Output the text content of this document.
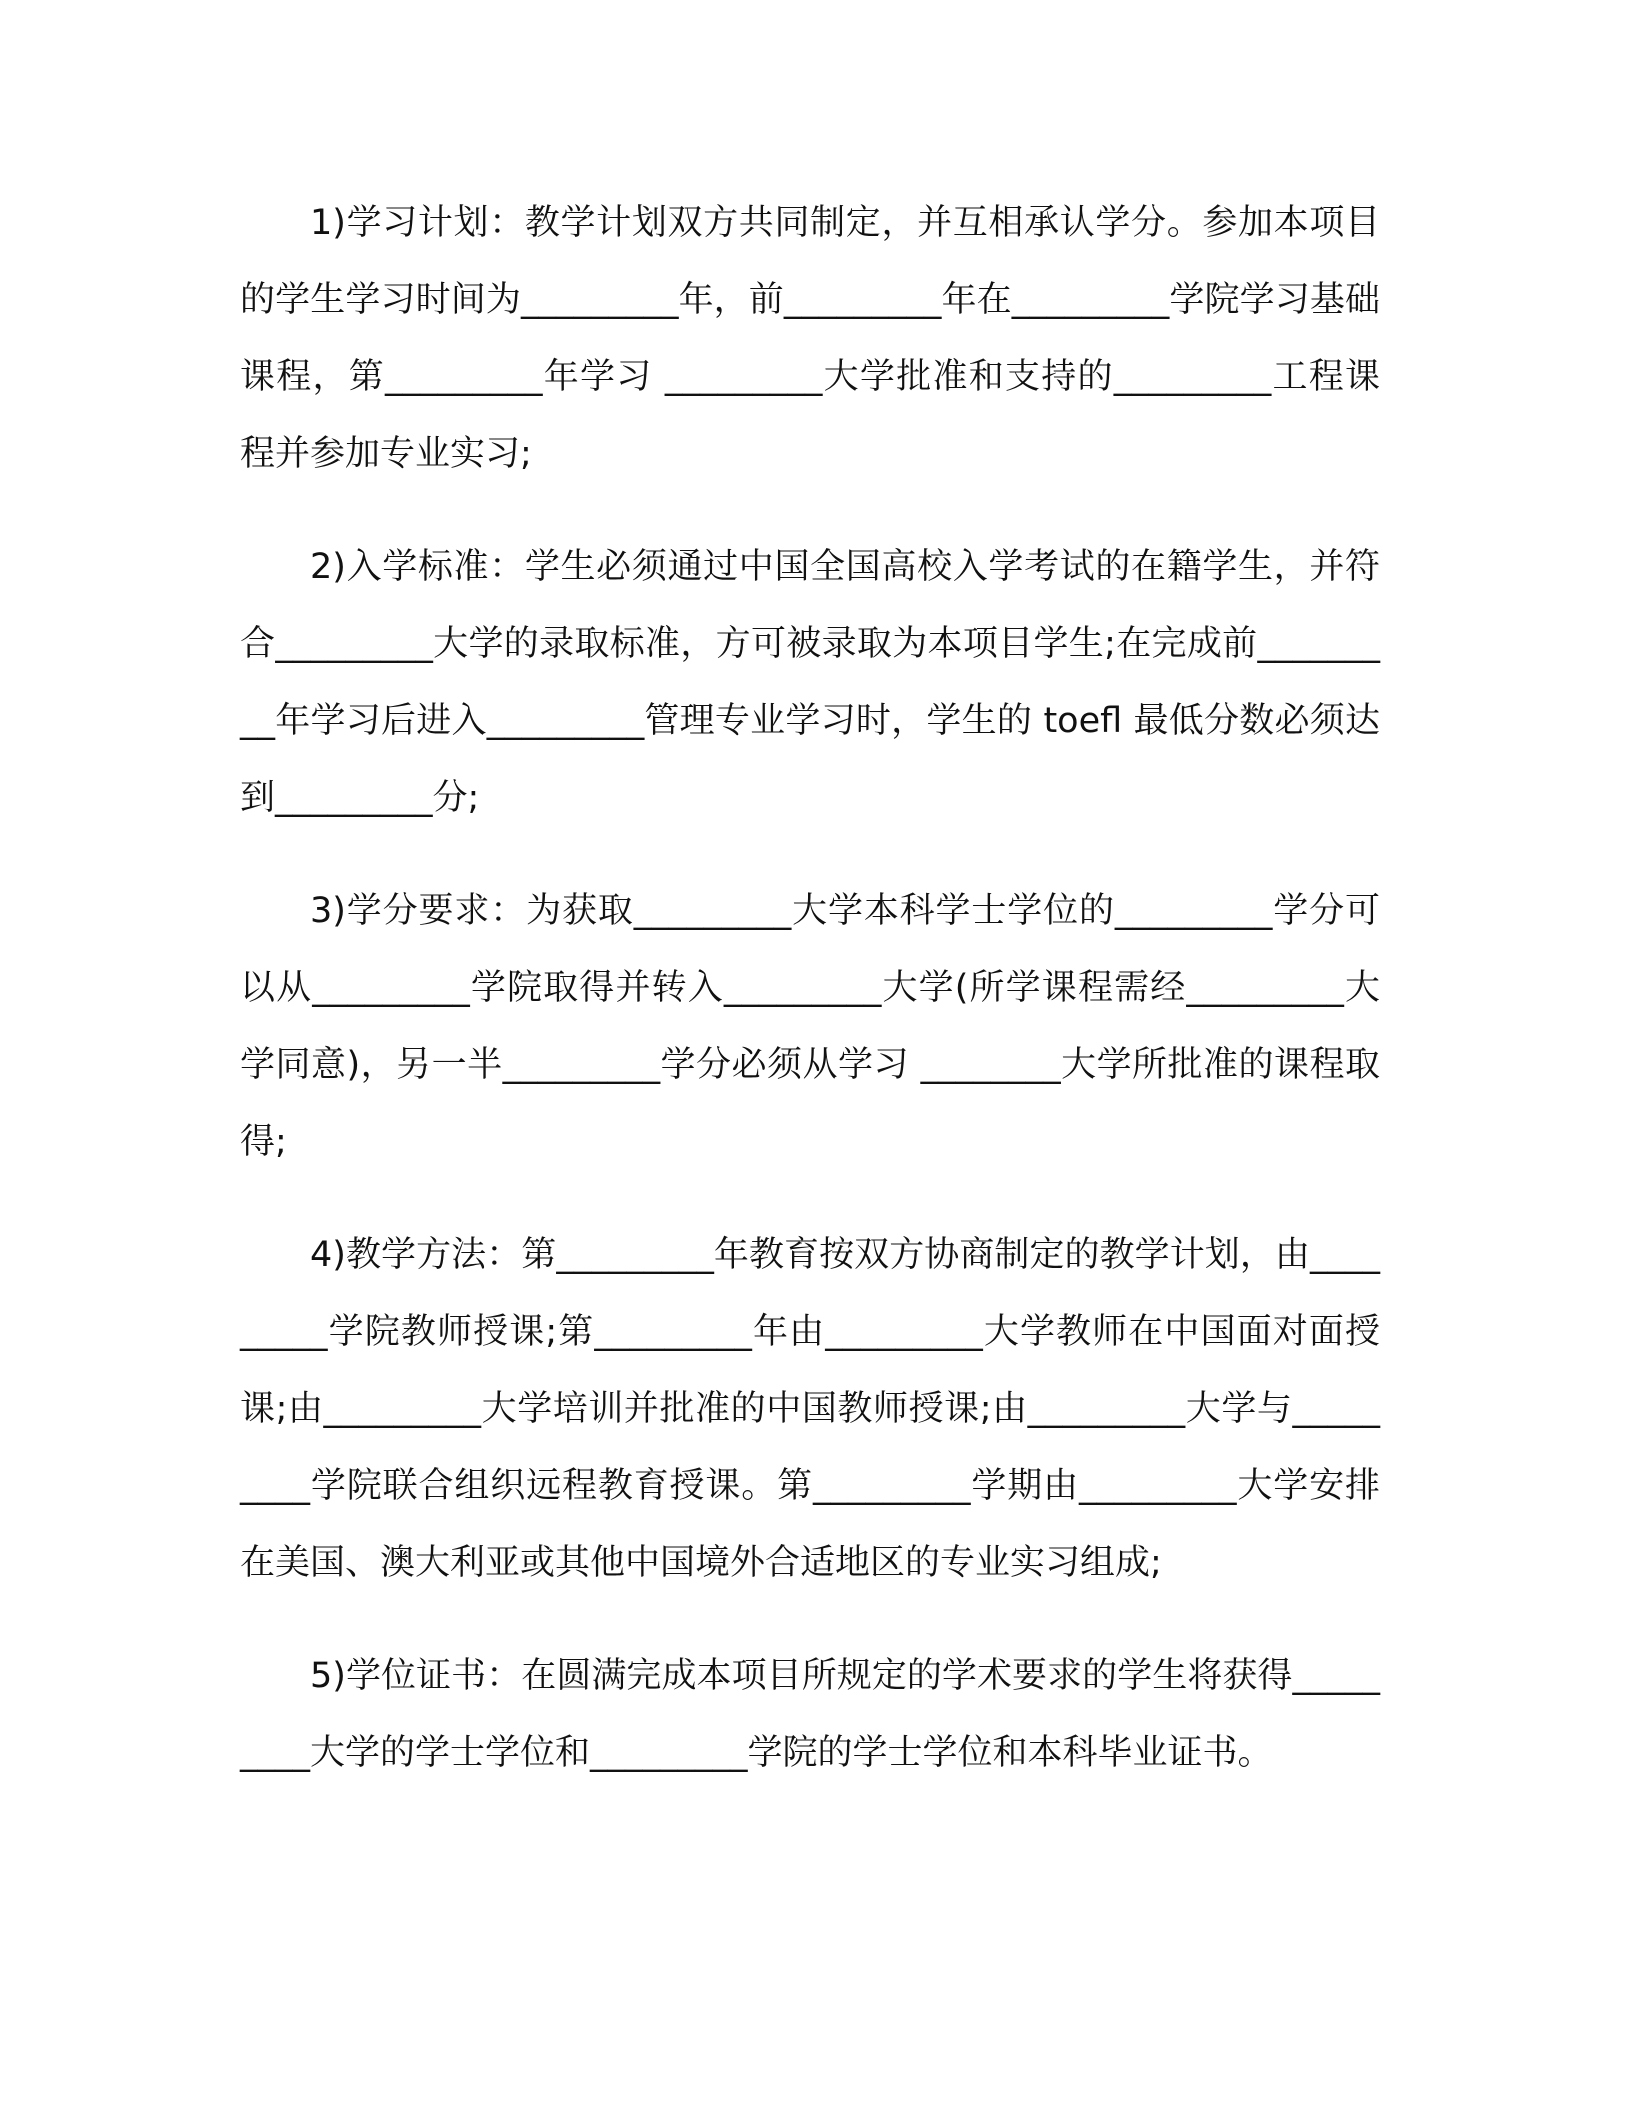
1)学习计划：教学计划双方共同制定，并互相承认学分。参加本项目的学生学习时间为_________年，前_________年在_________学院学习基础课程，第_________年学习 _________大学批准和支持的_________工程课程并参加专业实习;

2)入学标准：学生必须通过中国全国高校入学考试的在籍学生，并符合_________大学的录取标准，方可被录取为本项目学生;在完成前_________年学习后进入_________管理专业学习时，学生的 toefl 最低分数必须达到_________分;

3)学分要求：为获取_________大学本科学士学位的_________学分可以从_________学院取得并转入_________大学(所学课程需经_________大学同意)，另一半_________学分必须从学习 ________大学所批准的课程取得;

4)教学方法：第_________年教育按双方协商制定的教学计划，由_________学院教师授课;第_________年由_________大学教师在中国面对面授课;由_________大学培训并批准的中国教师授课;由_________大学与_________学院联合组织远程教育授课。第_________学期由_________大学安排在美国、澳大利亚或其他中国境外合适地区的专业实习组成;

5)学位证书：在圆满完成本项目所规定的学术要求的学生将获得_________大学的学士学位和_________学院的学士学位和本科毕业证书。
